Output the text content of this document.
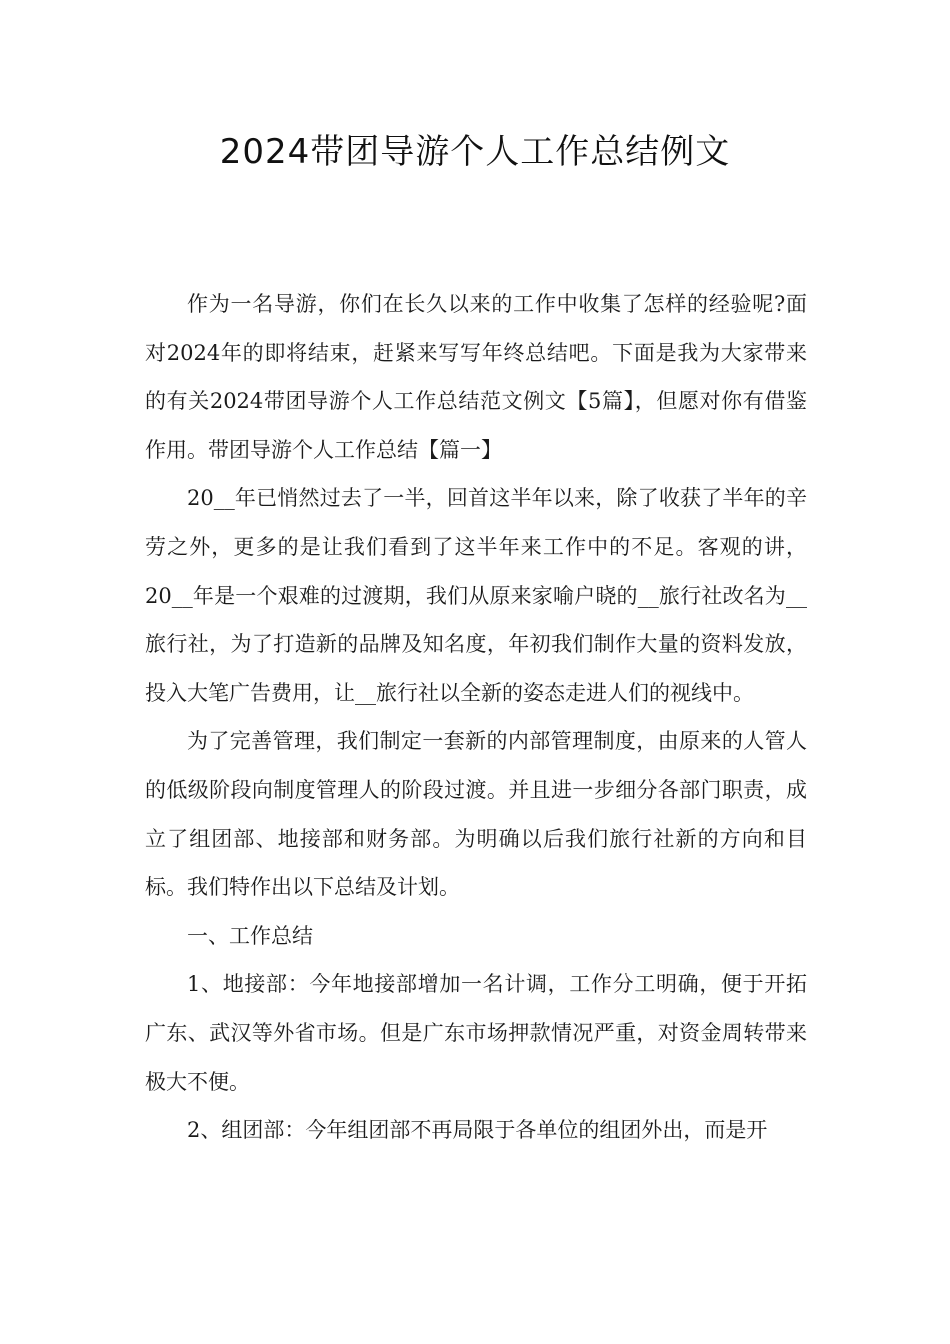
2024带团导游个人工作总结例文

作为一名导游，你们在长久以来的工作中收集了怎样的经验呢?面对2024年的即将结束，赶紧来写写年终总结吧。下面是我为大家带来的有关2024带团导游个人工作总结范文例文【5篇】，但愿对你有借鉴作用。带团导游个人工作总结【篇一】

20__年已悄然过去了一半，回首这半年以来，除了收获了半年的辛劳之外，更多的是让我们看到了这半年来工作中的不足。客观的讲，20__年是一个艰难的过渡期，我们从原来家喻户晓的__旅行社改名为__旅行社，为了打造新的品牌及知名度，年初我们制作大量的资料发放，投入大笔广告费用，让__旅行社以全新的姿态走进人们的视线中。

为了完善管理，我们制定一套新的内部管理制度，由原来的人管人的低级阶段向制度管理人的阶段过渡。并且进一步细分各部门职责，成立了组团部、地接部和财务部。为明确以后我们旅行社新的方向和目标。我们特作出以下总结及计划。

一、工作总结

1、地接部：今年地接部增加一名计调，工作分工明确，便于开拓广东、武汉等外省市场。但是广东市场押款情况严重，对资金周转带来极大不便。

2、组团部：今年组团部不再局限于各单位的组团外出，而是开
